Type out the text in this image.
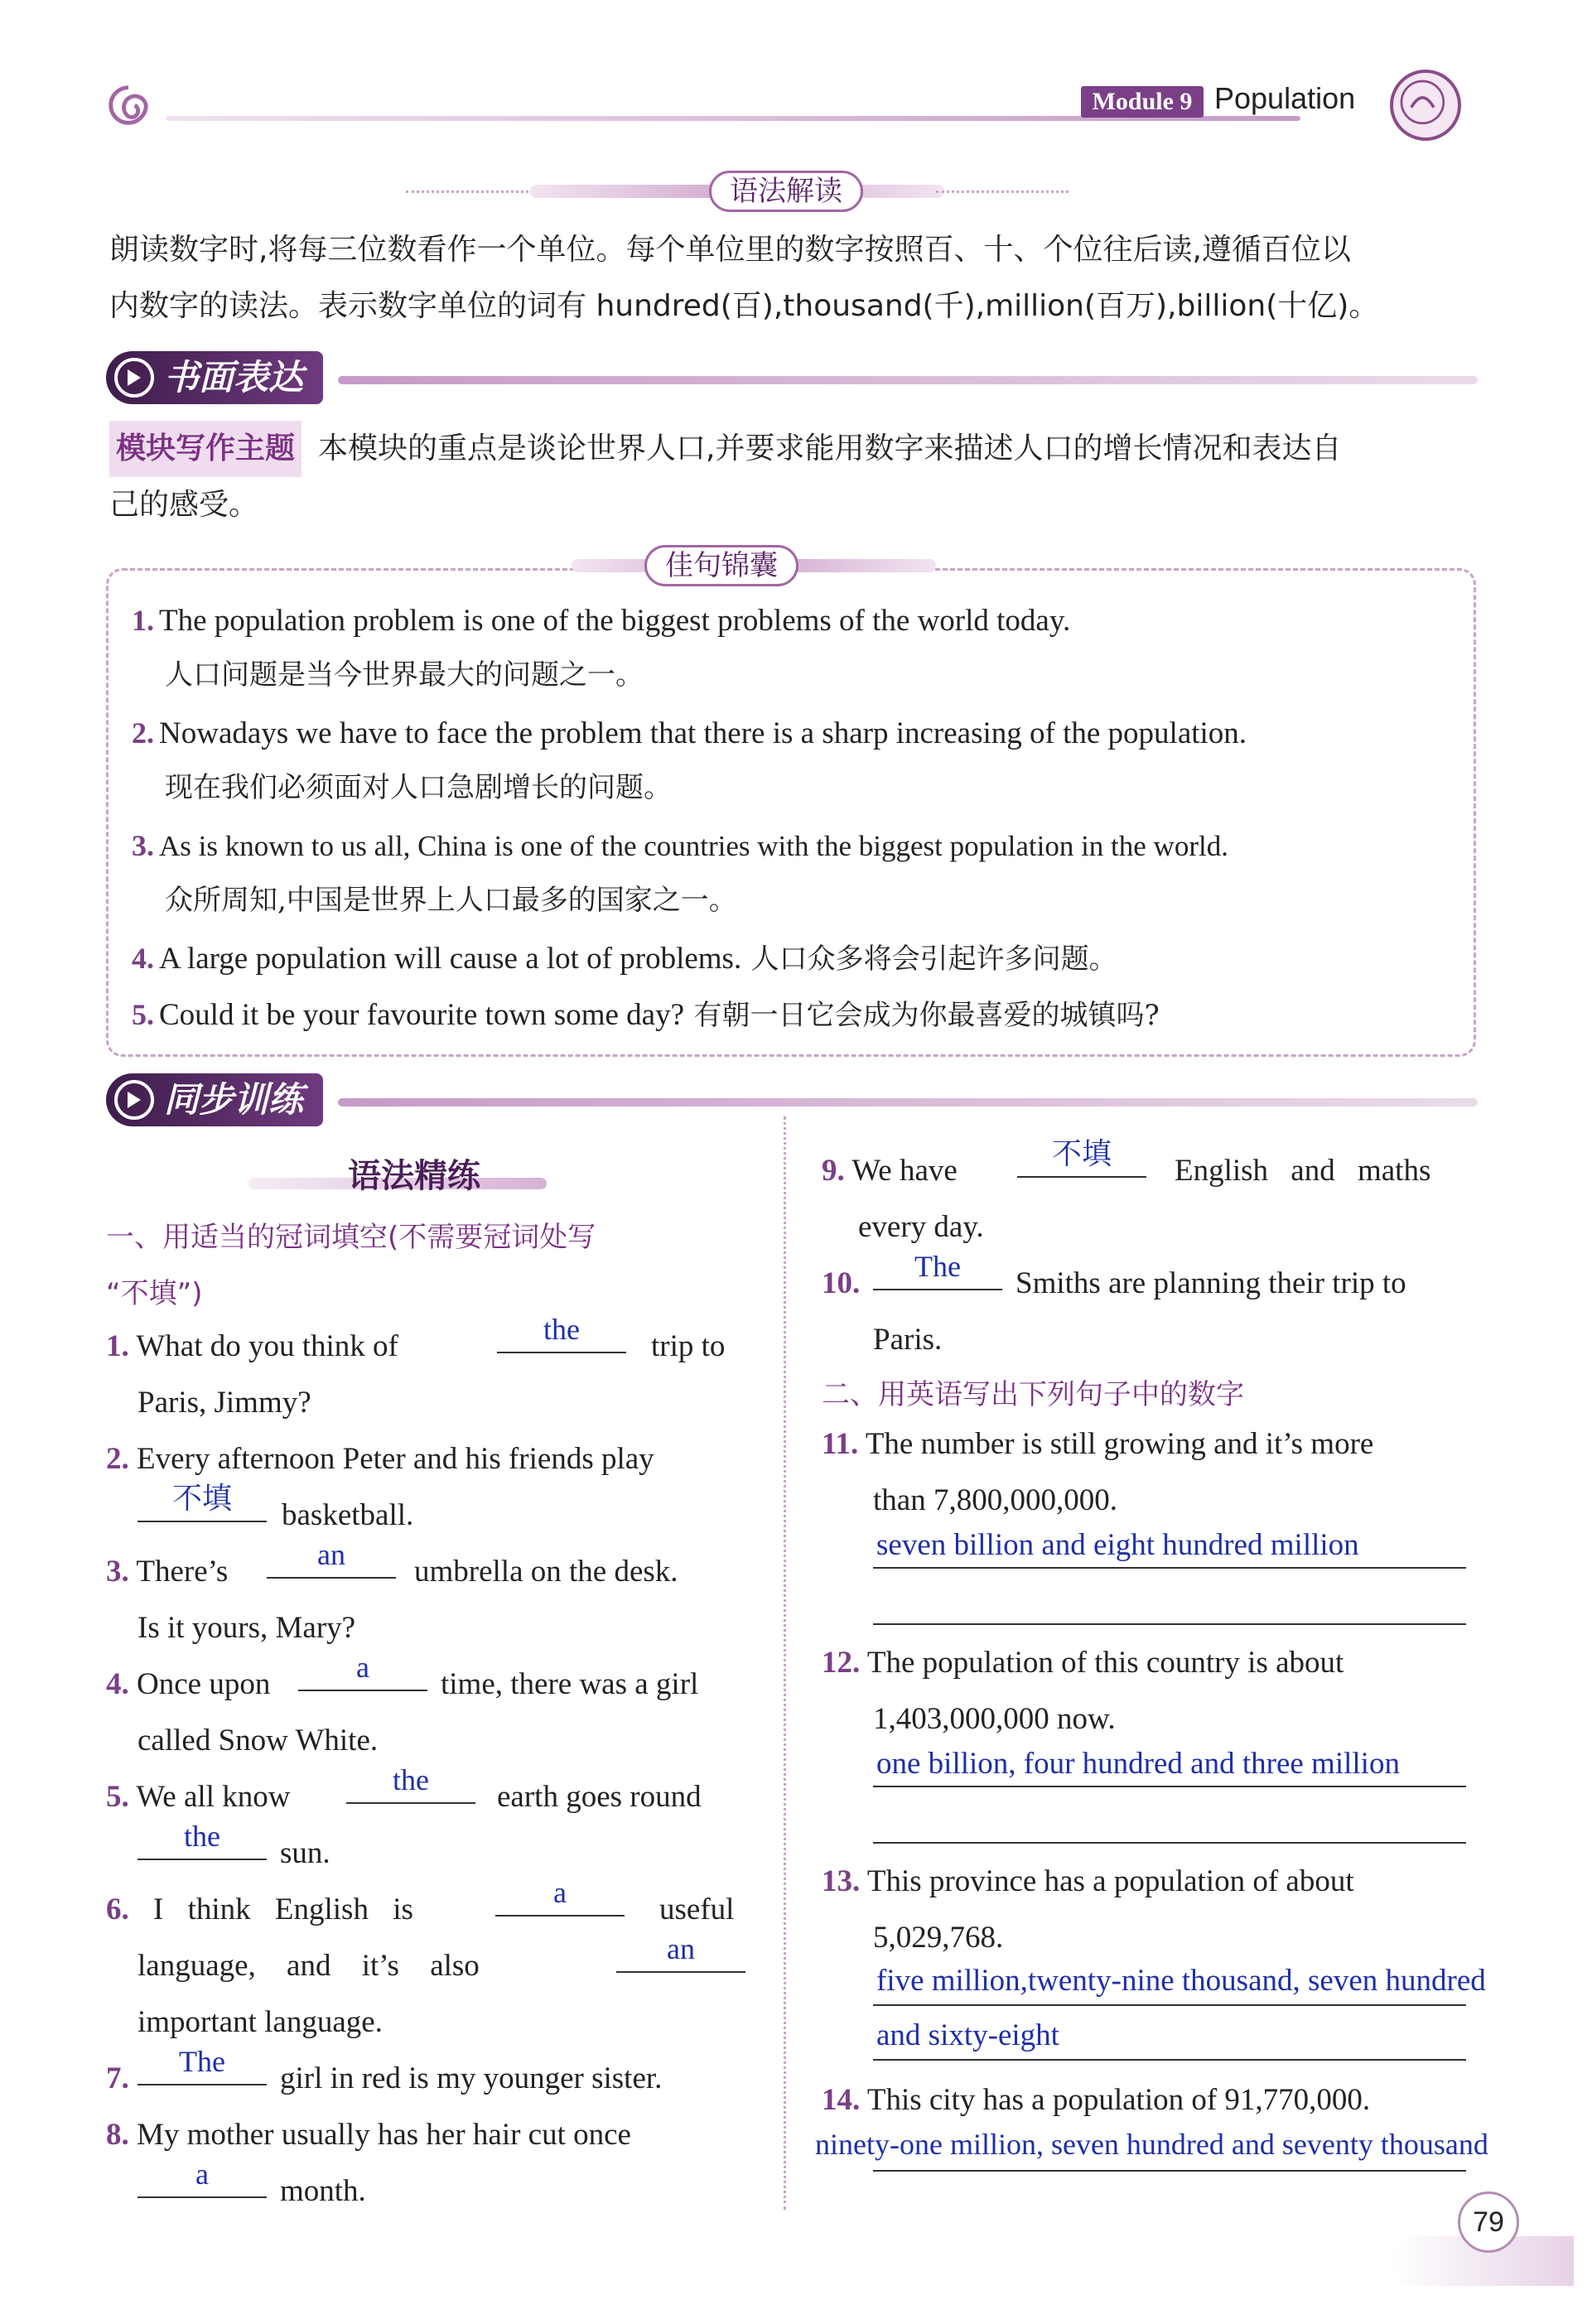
Module 9 Population
语法解读

朗读数字时,将每三位数看作一个单位。每个单位里的数字按照百、十、个位往后读,遵循百位以

内数字的读法。表示数字单位的词有 hundred(百),thousand(千),million(百万),billion(十亿)。

书面表达

模块写作主题 本模块的重点是谈论世界人口,并要求能用数字来描述人口的增长情况和表达自

己的感受。

佳句锦囊
1. The population problem is one of the biggest problems of the world today.
人口问题是当今世界最大的问题之一。
2. Nowadays we have to face the problem that there is a sharp increasing of the population.
现在我们必须面对人口急剧增长的问题。
3. As is known to us all, China is one of the countries with the biggest population in the world.
众所周知,中国是世界上人口最多的国家之一。
4. A large population will cause a lot of problems. 人口众多将会引起许多问题。
5. Could it be your favourite town some day? 有朝一日它会成为你最喜爱的城镇吗?
同步训练
语法精练
一、用适当的冠词填空(不需要冠词处写
“不填”)
1. What do you think of	the	trip to
Paris, Jimmy?
2. Every afternoon Peter and his friends play
不填	basketball.
3. There’s	an	umbrella on the desk.
Is it yours, Mary?
4. Once upon	a	time, there was a girl
called Snow White.
5. We all know	the	earth goes round
the	sun.
6. I think English is	a	useful
language, and it’s also	an
important language.
7.	The	girl in red is my younger sister.
8. My mother usually has her hair cut once
a	month.
9. We have	不填	English and maths
every day.
10.	The	Smiths are planning their trip to
Paris.
二、用英语写出下列句子中的数字
11. The number is still growing and it’s more
than 7,800,000,000.
seven billion and eight hundred million
12. The population of this country is about
1,403,000,000 now.
one billion, four hundred and three million
13. This province has a population of about
5,029,768.
five million,twenty-nine thousand, seven hundred
and sixty-eight
14. This city has a population of 91,770,000.
ninety-one million, seven hundred and seventy thousand
79
